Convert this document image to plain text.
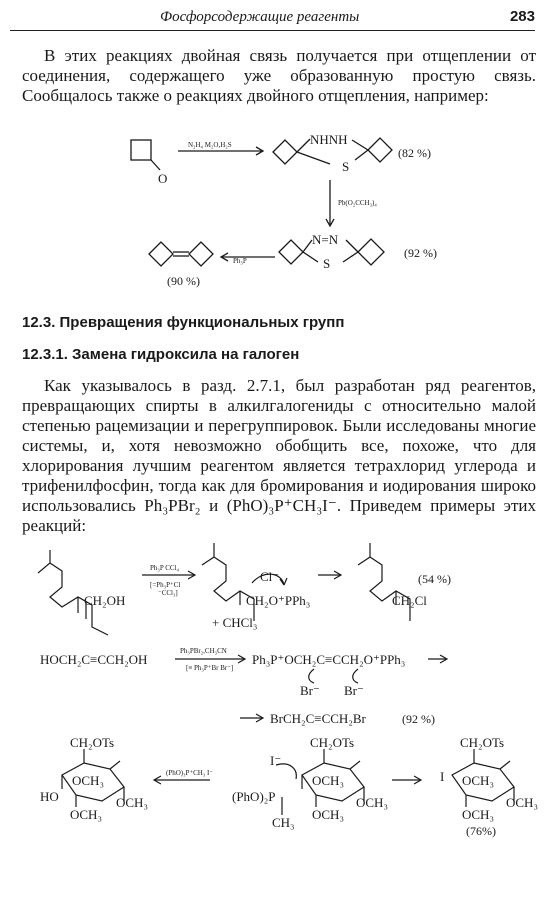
Фосфорсодержащие реагенты	283

В этих реакциях двойная связь получается при отщеплении от соединения, содержащего уже образованную простую связь. Сообщалось также о реакциях двойного отщепления, например:

O
N₂H₄ M₂O,H₂S	NHNH
S
(82 %)
Pb(O₂CCH₃)₄
N=N
S
(92 %)
Ph₃P
(90 %)
12.3. Превращения функциональных групп
12.3.1. Замена гидроксила на галоген

Как указывалось в разд. 2.7.1, был разработан ряд реагентов, превращающих спирты в алкилгалогениды с относительно малой степенью рацемизации и перегруппировок. Были исследованы многие системы, и, хотя невозможно обобщить все, похоже, что для хлорирования лучшим реагентом является тетрахлорид углерода и трифенилфосфин, тогда как для бромирования и иодирования широко использовались Ph₃PBr₂ и (PhO)₃P⁺CH₃I⁻. Приведем примеры этих реакций:

CH₂OH
Ph₃P CCl₄
[=Ph₃P⁺Cl
⁻CCl₃]
Cl⁻
CH₂O⁺PPh₃
+ CHCl₃
(54 %)
CH₂Cl
HOCH₂C≡CCH₂OH
Ph₃PBr₂,CH₃CN
[≡ Ph₃P⁺Br Br⁻]
Ph₃P⁺OCH₂C≡CCH₂O⁺PPh₃
Br⁻ Br⁻
BrCH₂C≡CCH₂Br	(92 %)
CH₂OTs
OCH₃
HO	OCH₃
OCH₃
(PhO)₃P⁺CH₃ I⁻
CH₂OTs
I⁻
OCH₃
(PhO)₂P	OCH₃
OCH₃
CH₃
CH₂OTs
I OCH₃
OCH₃
OCH₃
(76%)
